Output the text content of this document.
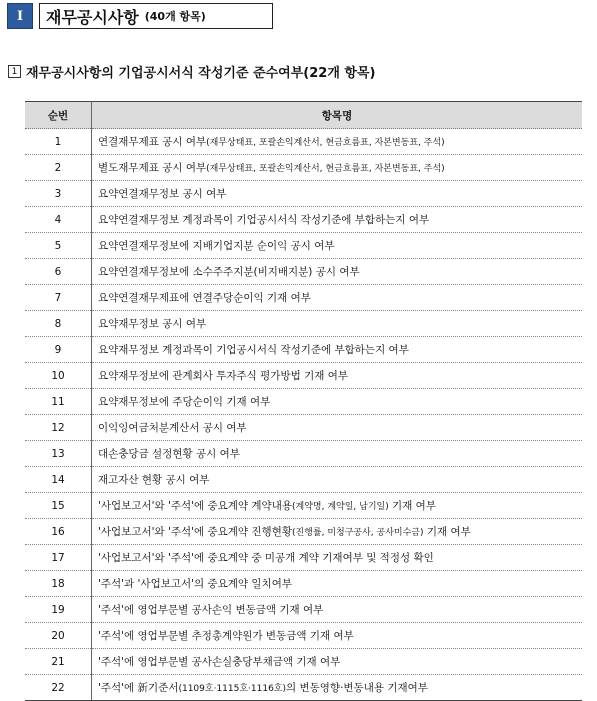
Ⅰ	재무공시사항 (40개 항목)
1 재무공시사항의 기업공시서식 작성기준 준수여부(22개 항목)
순번	항목명
1	연결재무제표 공시 여부(재무상태표, 포괄손익계산서, 현금흐름표, 자본변동표, 주석)
2	별도재무제표 공시 여부(재무상태표, 포괄손익계산서, 현금흐름표, 자본변동표, 주석)
3	요약연결재무정보 공시 여부
4	요약연결재무정보 계정과목이 기업공시서식 작성기준에 부합하는지 여부
5	요약연결재무정보에 지배기업지분 순이익 공시 여부
6	요약연결재무정보에 소수주주지분(비지배지분) 공시 여부
7	요약연결재무제표에 연결주당순이익 기재 여부
8	요약재무정보 공시 여부
9	요약재무정보 계정과목이 기업공시서식 작성기준에 부합하는지 여부
10	요약재무정보에 관계회사 투자주식 평가방법 기재 여부
11	요약재무정보에 주당순이익 기재 여부
12	이익잉여금처분계산서 공시 여부
13	대손충당금 설정현황 공시 여부
14	재고자산 현황 공시 여부
15	'사업보고서'와 '주석'에 중요계약 계약내용(계약명, 계약일, 납기일) 기재 여부
16	'사업보고서'와 '주석'에 중요계약 진행현황(진행률, 미청구공사, 공사미수금) 기재 여부
17	'사업보고서'와 '주석'에 중요계약 중 미공개 계약 기재여부 및 적정성 확인
18	'주석'과 '사업보고서'의 중요계약 일치여부
19	'주석'에 영업부문별 공사손익 변동금액 기재 여부
20	'주석'에 영업부문별 추정총계약원가 변동금액 기재 여부
21	'주석'에 영업부문별 공사손실충당부채금액 기재 여부
22	'주석'에 新기준서(1109호·1115호·1116호)의 변동영향·변동내용 기재여부
